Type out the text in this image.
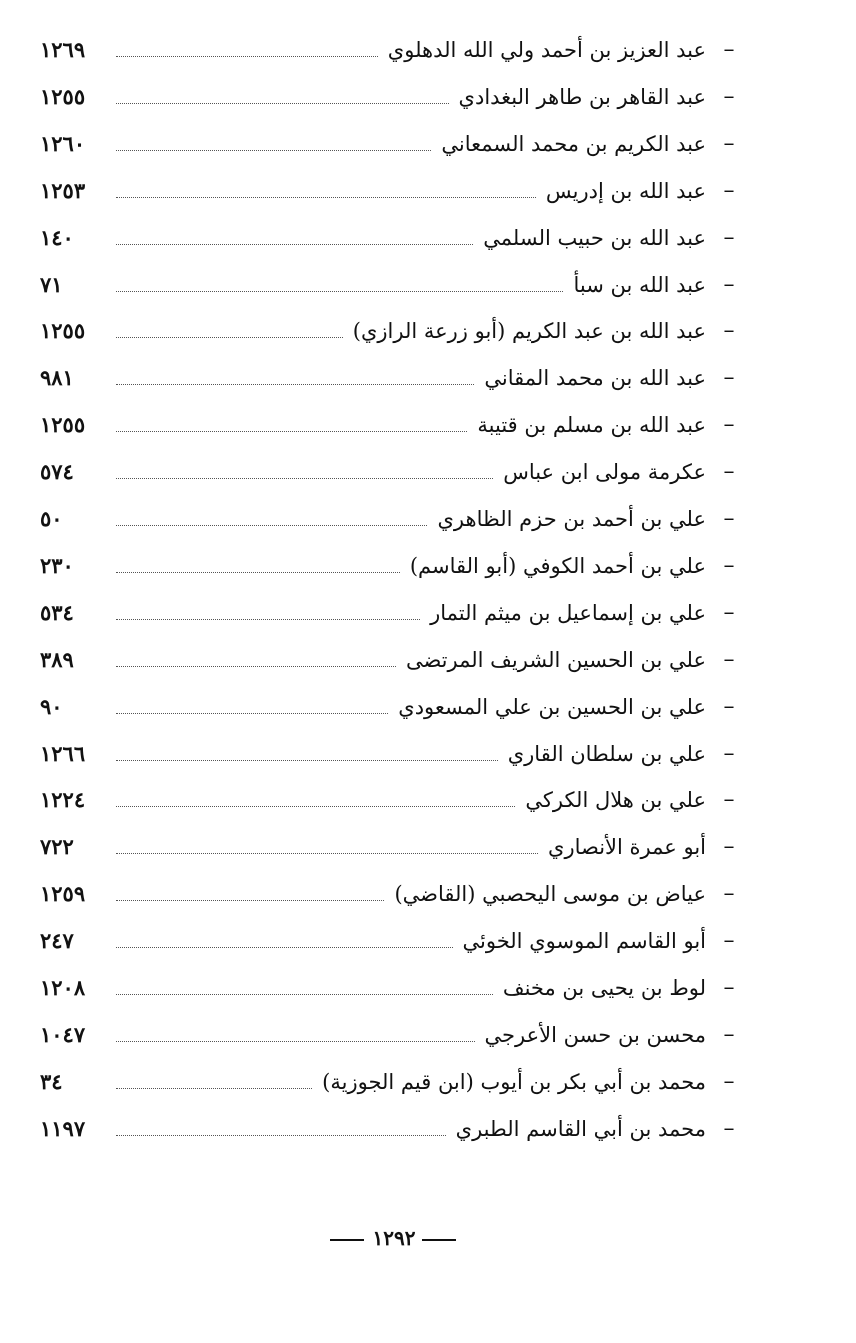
١٢٦٩	عبد العزيز بن أحمد ولي الله الدهلوي –
١٢٥٥	عبد القاهر بن طاهر البغدادي –
١٢٦٠	عبد الكريم بن محمد السمعاني –
١٢٥٣	عبد الله بن إدريس –
١٤٠	عبد الله بن حبيب السلمي –
٧١	عبد الله بن سبأ –
١٢٥٥	عبد الله بن عبد الكريم (أبو زرعة الرازي) –
٩٨١	عبد الله بن محمد المقاني –
١٢٥٥	عبد الله بن مسلم بن قتيبة –
٥٧٤	عكرمة مولى ابن عباس –
٥٠	علي بن أحمد بن حزم الظاهري –
٢٣٠	علي بن أحمد الكوفي (أبو القاسم) –
٥٣٤	علي بن إسماعيل بن ميثم التمار –
٣٨٩	علي بن الحسين الشريف المرتضى –
٩٠	علي بن الحسين بن علي المسعودي –
١٢٦٦	علي بن سلطان القاري –
١٢٢٤	علي بن هلال الكركي –
٧٢٢	أبو عمرة الأنصاري –
١٢٥٩	عياض بن موسى اليحصبي (القاضي) –
٢٤٧	أبو القاسم الموسوي الخوئي –
١٢٠٨	لوط بن يحيى بن مخنف –
١٠٤٧	محسن بن حسن الأعرجي –
٣٤	محمد بن أبي بكر بن أيوب (ابن قيم الجوزية) –
١١٩٧	محمد بن أبي القاسم الطبري –
١٢٩٢
